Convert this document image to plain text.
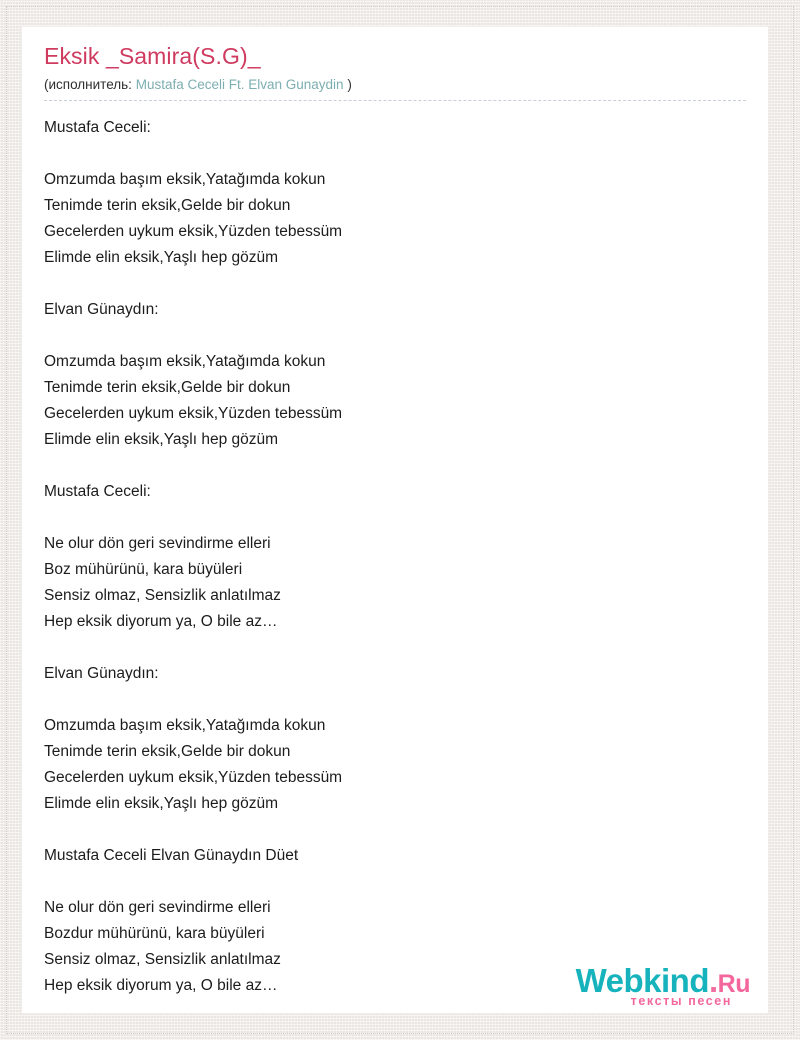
Eksik _Samira(S.G)_
(исполнитель: Mustafa Ceceli Ft. Elvan Gunaydin )

Mustafa Ceceli:

Omzumda başım eksik,Yatağımda kokun

Tenimde terin eksik,Gelde bir dokun

Gecelerden uykum eksik,Yüzden tebessüm

Elimde elin eksik,Yaşlı hep gözüm

Elvan Günaydın:

Omzumda başım eksik,Yatağımda kokun

Tenimde terin eksik,Gelde bir dokun

Gecelerden uykum eksik,Yüzden tebessüm

Elimde elin eksik,Yaşlı hep gözüm

Mustafa Ceceli:

Ne olur dön geri sevindirme elleri

Boz mühürünü, kara büyüleri

Sensiz olmaz, Sensizlik anlatılmaz

Hep eksik diyorum ya, O bile az…

Elvan Günaydın:

Omzumda başım eksik,Yatağımda kokun

Tenimde terin eksik,Gelde bir dokun

Gecelerden uykum eksik,Yüzden tebessüm

Elimde elin eksik,Yaşlı hep gözüm

Mustafa Ceceli Elvan Günaydın Düet

Ne olur dön geri sevindirme elleri

Bozdur mühürünü, kara büyüleri

Sensiz olmaz, Sensizlik anlatılmaz

Hep eksik diyorum ya, O bile az…	Webkind.Ru
тексты песен
